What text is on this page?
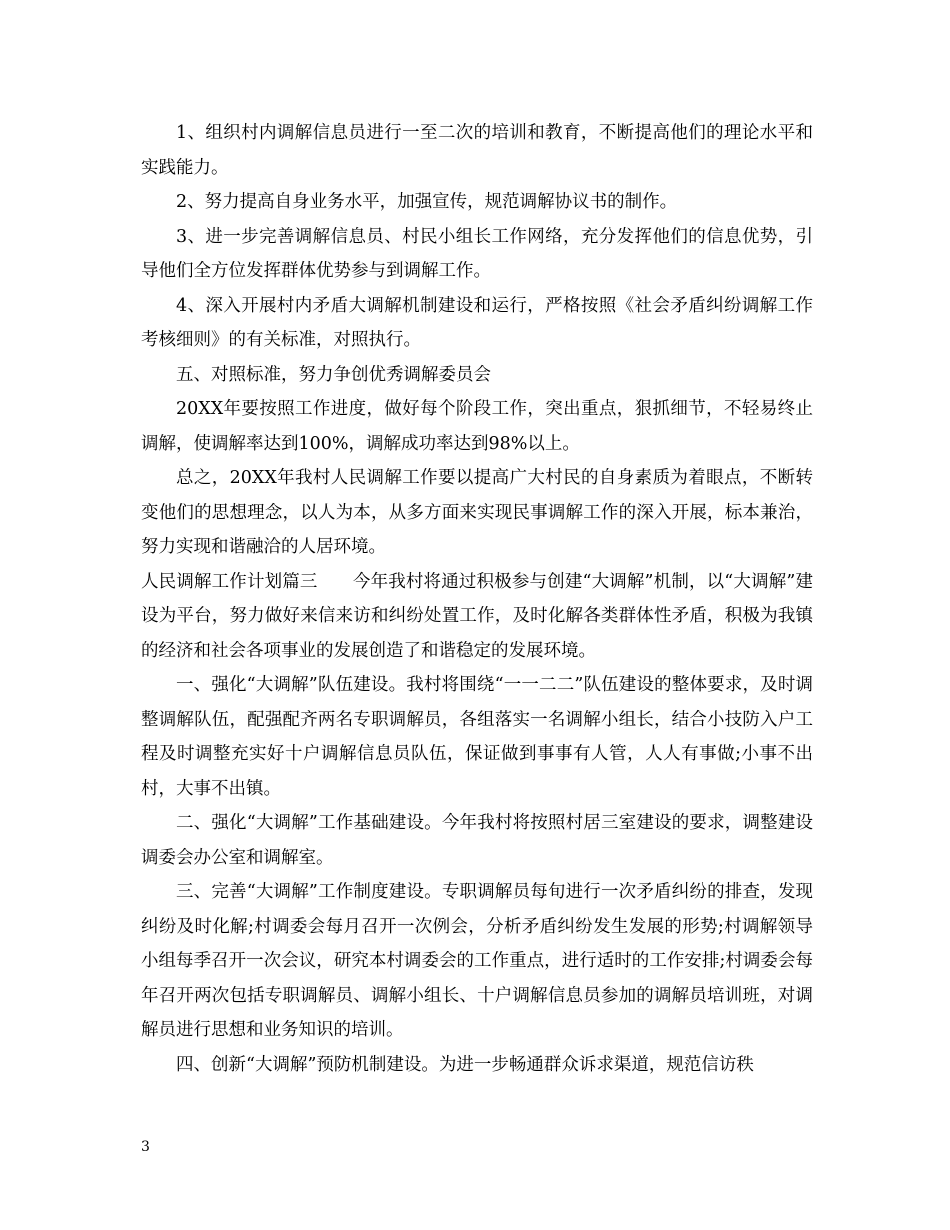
1、组织村内调解信息员进行一至二次的培训和教育，不断提高他们的理论水平和实践能力。

2、努力提高自身业务水平，加强宣传，规范调解协议书的制作。

3、进一步完善调解信息员、村民小组长工作网络，充分发挥他们的信息优势，引导他们全方位发挥群体优势参与到调解工作。

4、深入开展村内矛盾大调解机制建设和运行，严格按照《社会矛盾纠纷调解工作考核细则》的有关标准，对照执行。

五、对照标准，努力争创优秀调解委员会

20XX年要按照工作进度，做好每个阶段工作，突出重点，狠抓细节，不轻易终止调解，使调解率达到100%，调解成功率达到98%以上。

总之，20XX年我村人民调解工作要以提高广大村民的自身素质为着眼点，不断转变他们的思想理念，以人为本，从多方面来实现民事调解工作的深入开展，标本兼治，努力实现和谐融洽的人居环境。

人民调解工作计划篇三　　今年我村将通过积极参与创建“大调解”机制，以“大调解”建设为平台，努力做好来信来访和纠纷处置工作，及时化解各类群体性矛盾，积极为我镇的经济和社会各项事业的发展创造了和谐稳定的发展环境。

一、强化“大调解”队伍建设。我村将围绕“一一二二”队伍建设的整体要求，及时调整调解队伍，配强配齐两名专职调解员，各组落实一名调解小组长，结合小技防入户工程及时调整充实好十户调解信息员队伍，保证做到事事有人管，人人有事做;小事不出村，大事不出镇。

二、强化“大调解”工作基础建设。今年我村将按照村居三室建设的要求，调整建设调委会办公室和调解室。

三、完善“大调解”工作制度建设。专职调解员每旬进行一次矛盾纠纷的排查，发现纠纷及时化解;村调委会每月召开一次例会，分析矛盾纠纷发生发展的形势;村调解领导小组每季召开一次会议，研究本村调委会的工作重点，进行适时的工作安排;村调委会每年召开两次包括专职调解员、调解小组长、十户调解信息员参加的调解员培训班，对调解员进行思想和业务知识的培训。

四、创新“大调解”预防机制建设。为进一步畅通群众诉求渠道，规范信访秩

3
